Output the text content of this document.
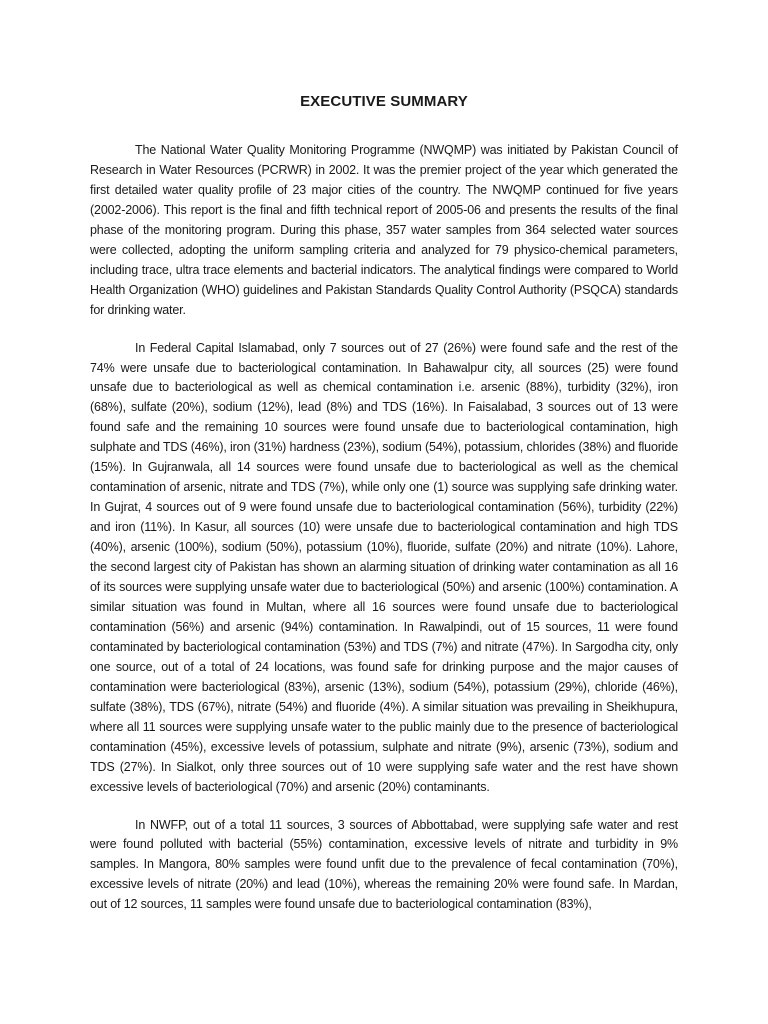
EXECUTIVE SUMMARY

The National Water Quality Monitoring Programme (NWQMP) was initiated by Pakistan Council of Research in Water Resources (PCRWR) in 2002. It was the premier project of the year which generated the first detailed water quality profile of 23 major cities of the country. The NWQMP continued for five years (2002-2006). This report is the final and fifth technical report of 2005-06 and presents the results of the final phase of the monitoring program. During this phase, 357 water samples from 364 selected water sources were collected, adopting the uniform sampling criteria and analyzed for 79 physico-chemical parameters, including trace, ultra trace elements and bacterial indicators. The analytical findings were compared to World Health Organization (WHO) guidelines and Pakistan Standards Quality Control Authority (PSQCA) standards for drinking water.

In Federal Capital Islamabad, only 7 sources out of 27 (26%) were found safe and the rest of the 74% were unsafe due to bacteriological contamination. In Bahawalpur city, all sources (25) were found unsafe due to bacteriological as well as chemical contamination i.e. arsenic (88%), turbidity (32%), iron (68%), sulfate (20%), sodium (12%), lead (8%) and TDS (16%). In Faisalabad, 3 sources out of 13 were found safe and the remaining 10 sources were found unsafe due to bacteriological contamination, high sulphate and TDS (46%), iron (31%) hardness (23%), sodium (54%), potassium, chlorides (38%) and fluoride (15%). In Gujranwala, all 14 sources were found unsafe due to bacteriological as well as the chemical contamination of arsenic, nitrate and TDS (7%), while only one (1) source was supplying safe drinking water. In Gujrat, 4 sources out of 9 were found unsafe due to bacteriological contamination (56%), turbidity (22%) and iron (11%). In Kasur, all sources (10) were unsafe due to bacteriological contamination and high TDS (40%), arsenic (100%), sodium (50%), potassium (10%), fluoride, sulfate (20%) and nitrate (10%). Lahore, the second largest city of Pakistan has shown an alarming situation of drinking water contamination as all 16 of its sources were supplying unsafe water due to bacteriological (50%) and arsenic (100%) contamination. A similar situation was found in Multan, where all 16 sources were found unsafe due to bacteriological contamination (56%) and arsenic (94%) contamination. In Rawalpindi, out of 15 sources, 11 were found contaminated by bacteriological contamination (53%) and TDS (7%) and nitrate (47%). In Sargodha city, only one source, out of a total of 24 locations, was found safe for drinking purpose and the major causes of contamination were bacteriological (83%), arsenic (13%), sodium (54%), potassium (29%), chloride (46%), sulfate (38%), TDS (67%), nitrate (54%) and fluoride (4%). A similar situation was prevailing in Sheikhupura, where all 11 sources were supplying unsafe water to the public mainly due to the presence of bacteriological contamination (45%), excessive levels of potassium, sulphate and nitrate (9%), arsenic (73%), sodium and TDS (27%). In Sialkot, only three sources out of 10 were supplying safe water and the rest have shown excessive levels of bacteriological (70%) and arsenic (20%) contaminants.

In NWFP, out of a total 11 sources, 3 sources of Abbottabad, were supplying safe water and rest were found polluted with bacterial (55%) contamination, excessive levels of nitrate and turbidity in 9% samples. In Mangora, 80% samples were found unfit due to the prevalence of fecal contamination (70%), excessive levels of nitrate (20%) and lead (10%), whereas the remaining 20% were found safe. In Mardan, out of 12 sources, 11 samples were found unsafe due to bacteriological contamination (83%),
